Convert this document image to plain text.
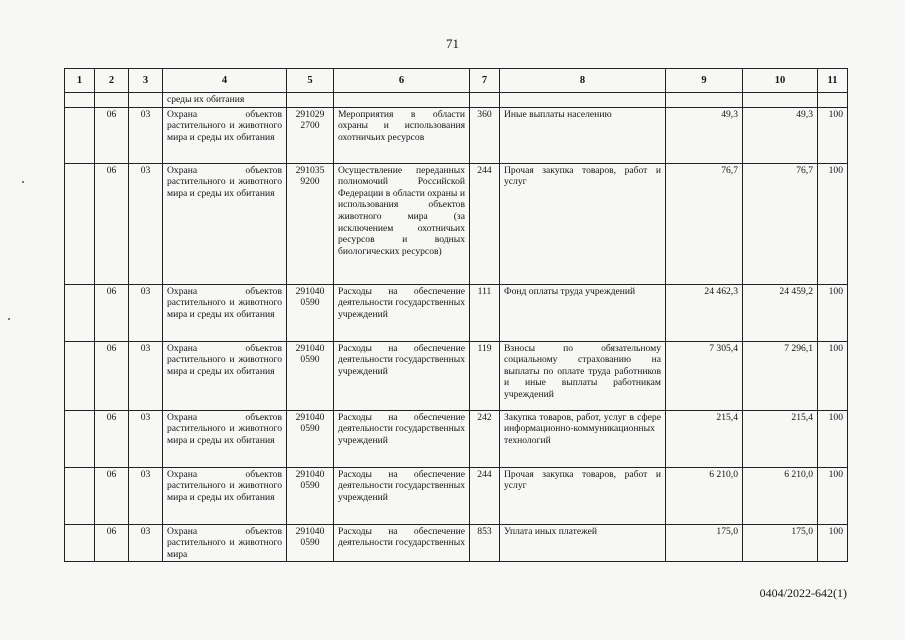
71
1	2	3	4	5	6	7	8	9	10	11
			среды их обитания							
	06	03	Охрана объектов растительного и животного мира и среды их обитания	291029 2700	Мероприятия в области охраны и использования охотничьих ресурсов	360	Иные выплаты населению	49,3	49,3	100
	06	03	Охрана объектов растительного и животного мира и среды их обитания	291035 9200	Осуществление переданных полномочий Российской Федерации в области охраны и использования объектов животного мира (за исключением охотничьих ресурсов и водных биологических ресурсов)	244	Прочая закупка товаров, работ и услуг	76,7	76,7	100
	06	03	Охрана объектов растительного и животного мира и среды их обитания	291040 0590	Расходы на обеспечение деятельности государственных учреждений	111	Фонд оплаты труда учреждений	24 462,3	24 459,2	100
	06	03	Охрана объектов растительного и животного мира и среды их обитания	291040 0590	Расходы на обеспечение деятельности государственных учреждений	119	Взносы по обязательному социальному страхованию на выплаты по оплате труда работников и иные выплаты работникам учреждений	7 305,4	7 296,1	100
	06	03	Охрана объектов растительного и животного мира и среды их обитания	291040 0590	Расходы на обеспечение деятельности государственных учреждений	242	Закупка товаров, работ, услуг в сфере информационно-коммуникационных технологий	215,4	215,4	100
	06	03	Охрана объектов растительного и животного мира и среды их обитания	291040 0590	Расходы на обеспечение деятельности государственных учреждений	244	Прочая закупка товаров, работ и услуг	6 210,0	6 210,0	100
	06	03	Охрана объектов растительного и животного мира	291040 0590	Расходы на обеспечение деятельности государственных	853	Уплата иных платежей	175,0	175,0	100
0404/2022-642(1)
